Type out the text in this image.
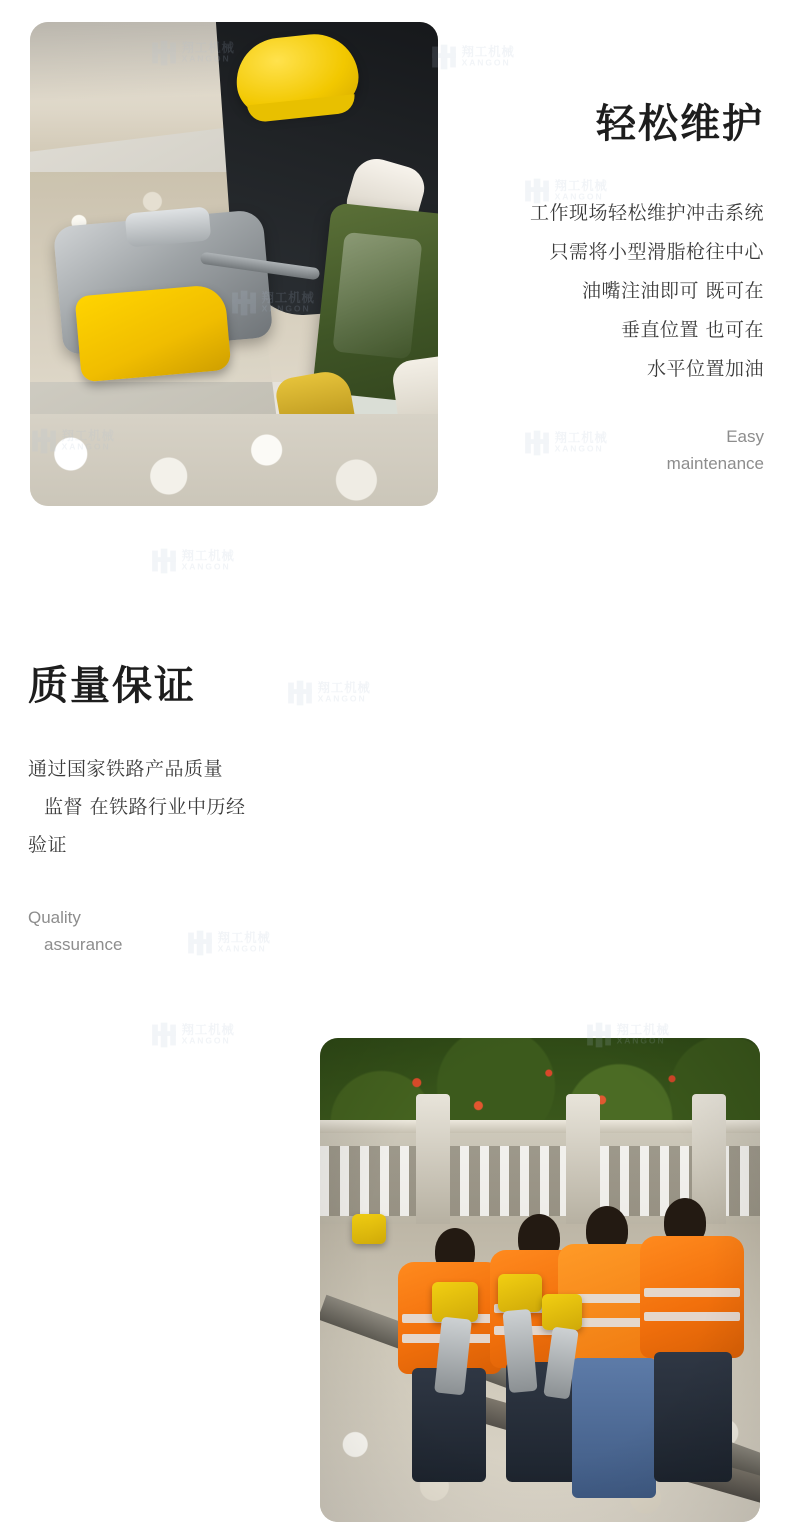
轻松维护

工作现场轻松维护冲击系统
只需将小型滑脂枪往中心
油嘴注油即可 既可在
垂直位置 也可在
水平位置加油

Easy
maintenance
质量保证

通过国家铁路产品质量
监督 在铁路行业中历经
验证

Quality
assurance
翔工机械
XANGON
翔工机械
XANGON
翔工机械
XANGON
翔工机械
XANGON
翔工机械
XANGON
翔工机械
XANGON
翔工机械
XANGON
翔工机械
